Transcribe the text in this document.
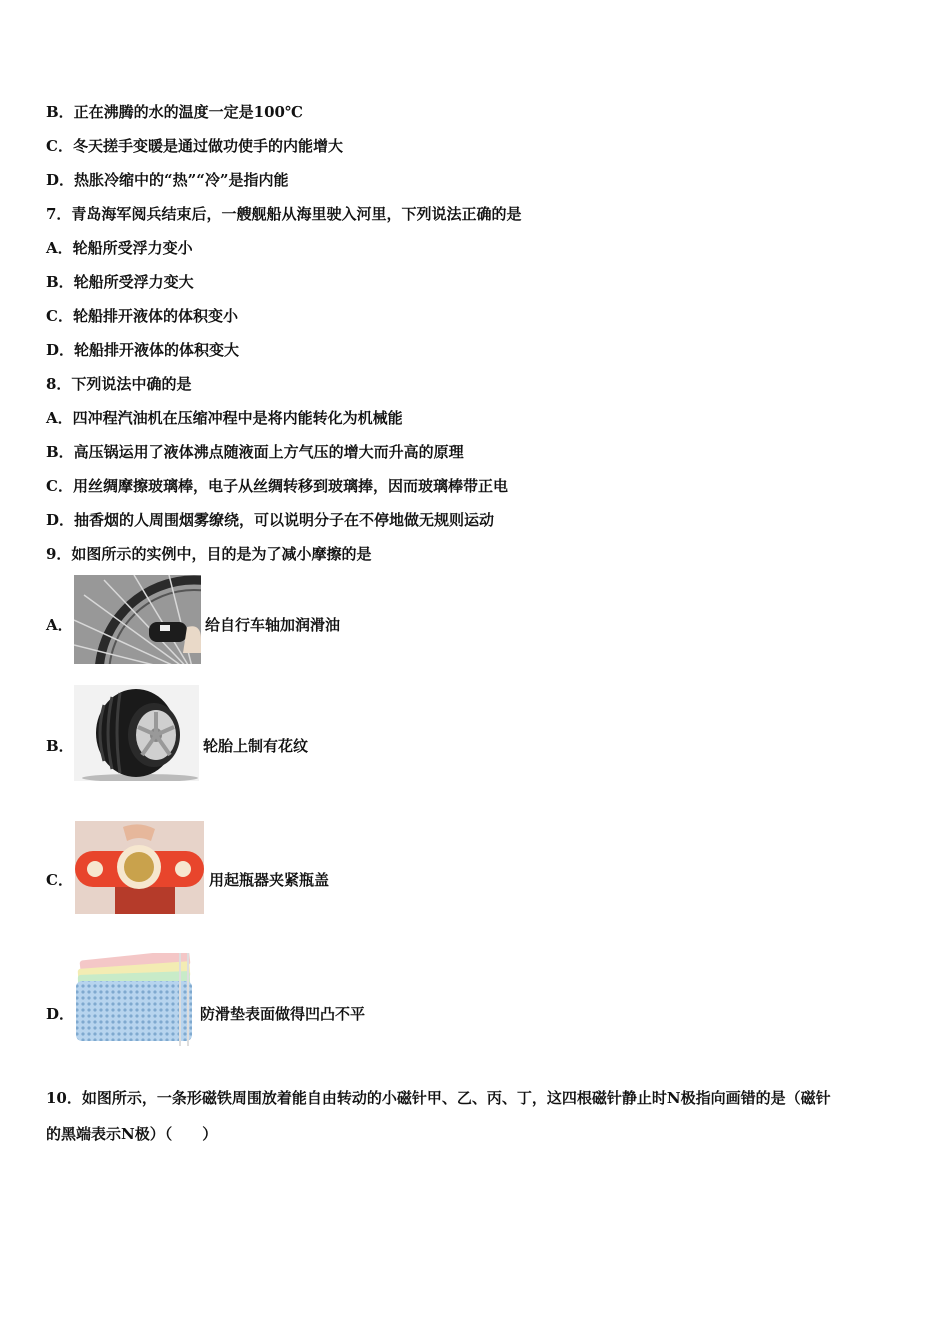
B．正在沸腾的水的温度一定是100℃
C．冬天搓手变暖是通过做功使手的内能增大
D．热胀冷缩中的“热”“冷”是指内能
7．青岛海军阅兵结束后，一艘舰船从海里驶入河里，下列说法正确的是
A．轮船所受浮力变小
B．轮船所受浮力变大
C．轮船排开液体的体积变小
D．轮船排开液体的体积变大
8．下列说法中确的是
A．四冲程汽油机在压缩冲程中是将内能转化为机械能
B．高压锅运用了液体沸点随液面上方气压的增大而升高的原理
C．用丝绸摩擦玻璃棒，电子从丝绸转移到玻璃捧，因而玻璃棒带正电
D．抽香烟的人周围烟雾缭绕，可以说明分子在不停地做无规则运动
9．如图所示的实例中，目的是为了减小摩擦的是
A．	给自行车轴加润滑油
B．	轮胎上制有花纹
C．	用起瓶器夹紧瓶盖
D．	防滑垫表面做得凹凸不平
10．如图所示，一条形磁铁周围放着能自由转动的小磁针甲、乙、丙、丁，这四根磁针静止时N极指向画错的是（磁针
的黑端表示N极）（　　）
